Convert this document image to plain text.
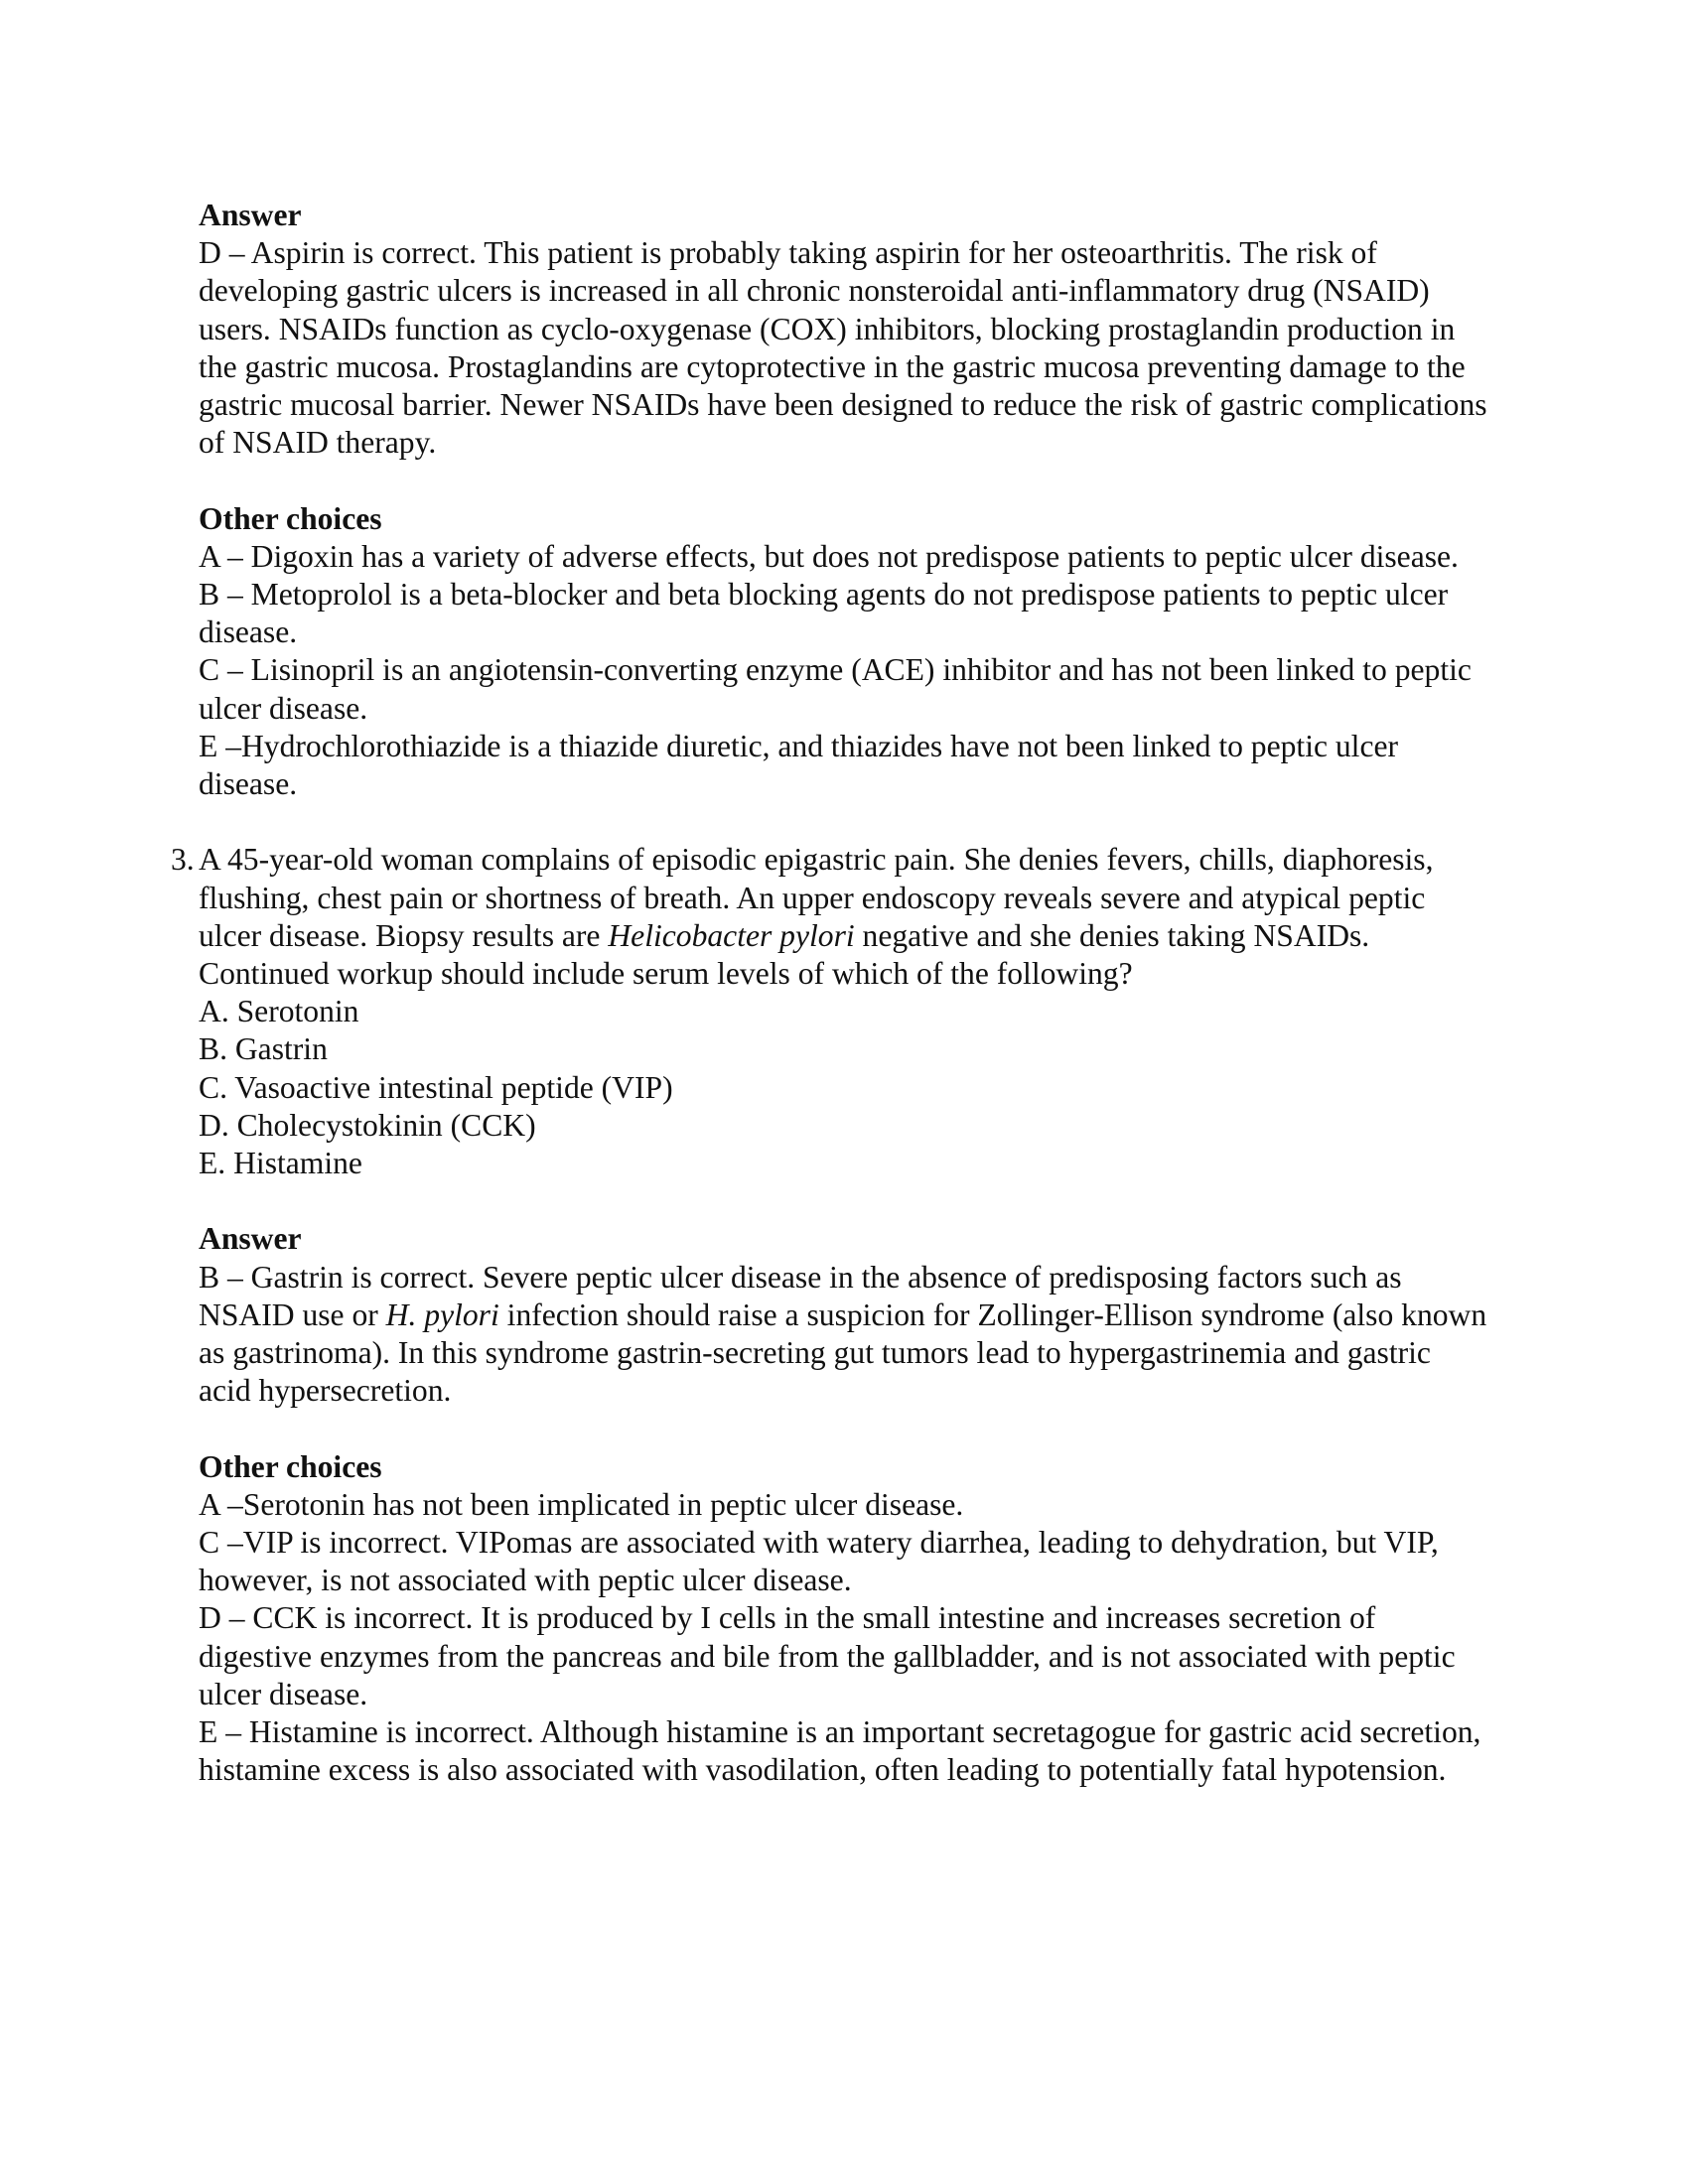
Answer

D – Aspirin is correct. This patient is probably taking aspirin for her osteoarthritis. The risk of developing gastric ulcers is increased in all chronic nonsteroidal anti-inflammatory drug (NSAID) users. NSAIDs function as cyclo-oxygenase (COX) inhibitors, blocking prostaglandin production in the gastric mucosa. Prostaglandins are cytoprotective in the gastric mucosa preventing damage to the gastric mucosal barrier. Newer NSAIDs have been designed to reduce the risk of gastric complications of NSAID therapy.

Other choices

A – Digoxin has a variety of adverse effects, but does not predispose patients to peptic ulcer disease.

B – Metoprolol is a beta-blocker and beta blocking agents do not predispose patients to peptic ulcer disease.

C – Lisinopril is an angiotensin-converting enzyme (ACE) inhibitor and has not been linked to peptic ulcer disease.

E –Hydrochlorothiazide is a thiazide diuretic, and thiazides have not been linked to peptic ulcer disease.

3. A 45-year-old woman complains of episodic epigastric pain. She denies fevers, chills, diaphoresis, flushing, chest pain or shortness of breath. An upper endoscopy reveals severe and atypical peptic ulcer disease. Biopsy results are Helicobacter pylori negative and she denies taking NSAIDs. Continued workup should include serum levels of which of the following?

A. Serotonin

B. Gastrin

C. Vasoactive intestinal peptide (VIP)

D. Cholecystokinin (CCK)

E. Histamine

Answer

B – Gastrin is correct. Severe peptic ulcer disease in the absence of predisposing factors such as NSAID use or H. pylori infection should raise a suspicion for Zollinger-Ellison syndrome (also known as gastrinoma). In this syndrome gastrin-secreting gut tumors lead to hypergastrinemia and gastric acid hypersecretion.

Other choices

A –Serotonin has not been implicated in peptic ulcer disease.

C –VIP is incorrect. VIPomas are associated with watery diarrhea, leading to dehydration, but VIP, however, is not associated with peptic ulcer disease.

D – CCK is incorrect. It is produced by I cells in the small intestine and increases secretion of digestive enzymes from the pancreas and bile from the gallbladder, and is not associated with peptic ulcer disease.

E – Histamine is incorrect. Although histamine is an important secretagogue for gastric acid secretion, histamine excess is also associated with vasodilation, often leading to potentially fatal hypotension.
